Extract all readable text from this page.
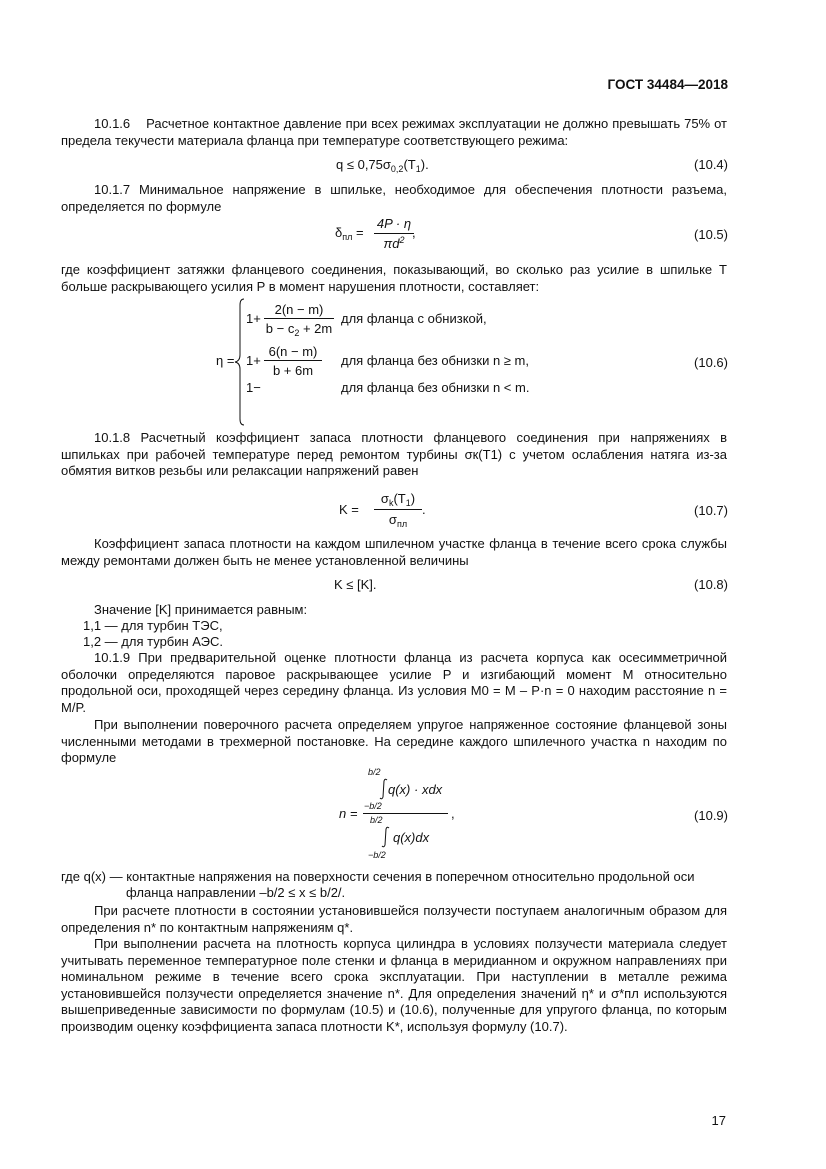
ГОСТ 34484—2018
10.1.6 Расчетное контактное давление при всех режимах эксплуатации не должно превышать 75% от предела текучести материала фланца при температуре соответствующего режима:
$q \le 0,75\sigma_{0,2}(T_1)$.	(10.4)
10.1.7 Минимальное напряжение в шпильке, необходимое для обеспечения плотности разъема, определяется по формуле
$\delta_{пл}$ =
4P · η
$\pi d^2$ ,	(10.5)
где коэффициент затяжки фланцевого соединения, показывающий, во сколько раз усилие в шпильке T больше раскрывающего усилия P в момент нарушения плотности, составляет:
η =
1+
2(n − m)
$b - c_2 + 2m$
для фланца с обнизкой,
1+
6(n − m)
b + 6m
для фланца без обнизки n ≥ m,
1−	для фланца без обнизки n < m.
(10.6)
10.1.8 Расчетный коэффициент запаса плотности фланцевого соединения при напряжениях в шпильках при рабочей температуре перед ремонтом турбины σк(T1) с учетом ослабления натяга из-за обмятия витков резьбы или релаксации напряжений равен
K =
$\sigma_k(T_1)$
$\sigma_{пл}$
.	(10.7)
Коэффициент запаса плотности на каждом шпилечном участке фланца в течение всего срока службы между ремонтами должен быть не менее установленной величины
K ≤ [K].	(10.8)
Значение [K] принимается равным:
1,1 — для турбин ТЭС,
1,2 — для турбин АЭС.
10.1.9 При предварительной оценке плотности фланца из расчета корпуса как осесимметричной оболочки определяются паровое раскрывающее усилие P и изгибающий момент M относительно продольной оси, проходящей через середину фланца. Из условия M0 = M – P·n = 0 находим расстояние n = M/P.
При выполнении поверочного расчета определяем упругое напряженное состояние фланцевой зоны численными методами в трехмерной постановке. На середине каждого шпилечного участка n находим по формуле
n =
b/2
q(x) · xdx
−b/2	,
b/2
q(x)dx
−b/2
(10.9)
где q(x) — контактные напряжения на поверхности сечения в поперечном относительно продольной оси
фланца направлении –b/2 ≤ x ≤ b/2/.
При расчете плотности в состоянии установившейся ползучести поступаем аналогичным образом для определения n* по контактным напряжениям q*.
При выполнении расчета на плотность корпуса цилиндра в условиях ползучести материала следует учитывать переменное температурное поле стенки и фланца в меридианном и окружном направлениях при номинальном режиме в течение всего срока эксплуатации. При наступлении в металле режима установившейся ползучести определяется значение n*. Для определения значений η* и σ*пл используются вышеприведенные зависимости по формулам (10.5) и (10.6), полученные для упругого фланца, по которым производим оценку коэффициента запаса плотности K*, используя формулу (10.7).
17
